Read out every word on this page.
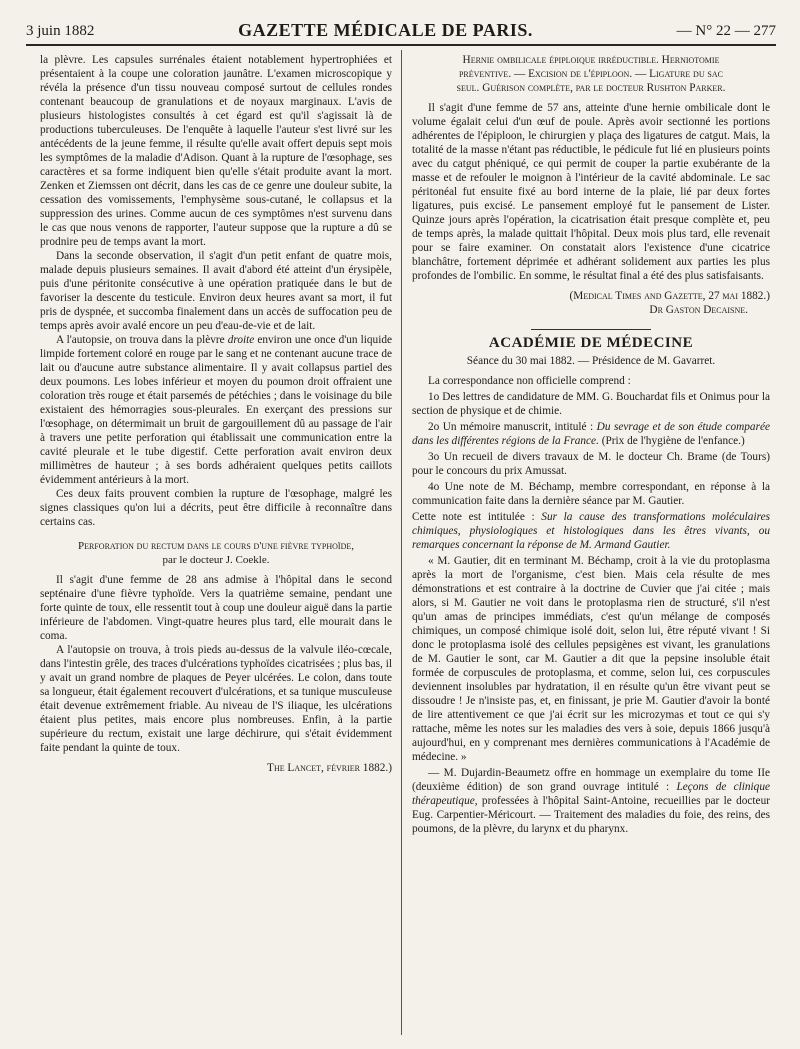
3 juin 1882	GAZETTE MÉDICALE DE PARIS.	— N° 22 — 277

la plèvre. Les capsules surrénales étaient notablement hypertrophiées et présentaient à la coupe une coloration jaunâtre. L'examen microscopique y révéla la présence d'un tissu nouveau composé surtout de cellules rondes contenant beaucoup de granulations et de noyaux marginaux. L'avis de plusieurs histologistes consultés à cet égard est qu'il s'agissait là de productions tuberculeuses. De l'enquête à laquelle l'auteur s'est livré sur les antécédents de la jeune femme, il résulte qu'elle avait offert depuis sept mois les symptômes de la maladie d'Adison. Quant à la rupture de l'œsophage, ses caractères et sa forme indiquent bien qu'elle s'était produite avant la mort. Zenken et Ziemssen ont décrit, dans les cas de ce genre une douleur subite, la cessation des vomissements, l'emphysème sous-cutané, le collapsus et la suppression des urines. Comme aucun de ces symptômes n'est survenu dans le cas que nous venons de rapporter, l'auteur suppose que la rupture a dû se prodnire peu de temps avant la mort.

Dans la seconde observation, il s'agit d'un petit enfant de quatre mois, malade depuis plusieurs semaines. Il avait d'abord été atteint d'un érysipèle, puis d'une péritonite consécutive à une opération pratiquée dans le but de favoriser la descente du testicule. Environ deux heures avant sa mort, il fut pris de dyspnée, et succomba finalement dans un accès de suffocation peu de temps après avoir avalé encore un peu d'eau-de-vie et de lait.

A l'autopsie, on trouva dans la plèvre droite environ une once d'un liquide limpide fortement coloré en rouge par le sang et ne contenant aucune trace de lait ou d'aucune autre substance alimentaire. Il y avait collapsus partiel des deux poumons. Les lobes inférieur et moyen du poumon droit offraient une coloration très rouge et était parsemés de pétéchies ; dans le voisinage du bile existaient des hémorragies sous-pleurales. En exerçant des pressions sur l'œsophage, on détermimait un bruit de gargouillement dû au passage de l'air à travers une petite perforation qui établissait une communication entre la cavité pleurale et le tube digestif. Cette perforation avait environ deux millimètres de hauteur ; à ses bords adhéraient quelques petits caillots évidemment antérieurs à la mort.

Ces deux faits prouvent combien la rupture de l'œsophage, malgré les signes classiques qu'on lui a décrits, peut être difficile à reconnaître dans certains cas.

Perforation du rectum dans le cours d'une fièvre typhoïde,

par le docteur J. Coekle.

Il s'agit d'une femme de 28 ans admise à l'hôpital dans le second septénaire d'une fièvre typhoïde. Vers la quatrième semaine, pendant une forte quinte de toux, elle ressentit tout à coup une douleur aiguë dans la partie inférieure de l'abdomen. Vingt-quatre heures plus tard, elle mourait dans le coma.

A l'autopsie on trouva, à trois pieds au-dessus de la valvule iléo-cœcale, dans l'intestin grêle, des traces d'ulcérations typhoïdes cicatrisées ; plus bas, il y avait un grand nombre de plaques de Peyer ulcérées. Le colon, dans toute sa longueur, était également recouvert d'ulcérations, et sa tunique muscuIeuse était devenue extrêmement friable. Au niveau de l'S iliaque, les ulcérations étaient plus petites, mais encore plus nombreuses. Enfin, à la partie supérieure du rectum, existait une large déchirure, qui s'était évidemment faite pendant la quinte de toux.

The Lancet, février 1882.)

Hernie ombilicale épiploique irréductible. Herniotomie

préventive. — Excision de l'épiploon. — Ligature du sac

seul. Guérison complète, par le docteur Rushton Parker.

Il s'agit d'une femme de 57 ans, atteinte d'une hernie ombilicale dont le volume égalait celui d'un œuf de poule. Après avoir sectionné les portions adhérentes de l'épiploon, le chirurgien y plaça des ligatures de catgut. Mais, la totalité de la masse n'étant pas réductible, le pédicule fut lié en plusieurs points avec du catgut phéniqué, ce qui permit de couper la partie exubérante de la masse et de refouler le moignon à l'intérieur de la cavité abdominale. Le sac péritonéal fut ensuite fixé au bord interne de la plaie, lié par deux fortes ligatures, puis excisé. Le pansement employé fut le pansement de Lister. Quinze jours après l'opération, la cicatrisation était presque complète et, peu de temps après, la malade quittait l'hôpital. Deux mois plus tard, elle revenait pour se faire examiner. On constatait alors l'existence d'une cicatrice blanchâtre, fortement déprimée et adhérant solidement aux parties les plus profondes de l'ombilic. En somme, le résultat final a été des plus satisfaisants.

(Medical Times and Gazette, 27 mai 1882.)

Dr Gaston Decaisne.

ACADÉMIE DE MÉDECINE

Séance du 30 mai 1882. — Présidence de M. Gavarret.

La correspondance non officielle comprend :

1o Des lettres de candidature de MM. G. Bouchardat fils et Onimus pour la section de physique et de chimie.

2o Un mémoire manuscrit, intitulé : Du sevrage et de son étude comparée dans les différentes régions de la France. (Prix de l'hygiène de l'enfance.)

3o Un recueil de divers travaux de M. le docteur Ch. Brame (de Tours) pour le concours du prix Amussat.

4o Une note de M. Béchamp, membre correspondant, en réponse à la communication faite dans la dernière séance par M. Gautier.

Cette note est intitulée : Sur la cause des transformations moléculaires chimiques, physiologiques et histologiques dans les êtres vivants, ou remarques concernant la réponse de M. Armand Gautier.

« M. Gautier, dit en terminant M. Béchamp, croit à la vie du protoplasma après la mort de l'organisme, c'est bien. Mais cela résulte de mes démonstrations et est contraire à la doctrine de Cuvier que j'ai citée ; mais alors, si M. Gautier ne voit dans le protoplasma rien de structuré, s'il n'est qu'un amas de principes immédiats, c'est qu'un mélange de composés chimiques, un composé chimique isolé doit, selon lui, être réputé vivant ! Si donc le protoplasma isolé des cellules pepsigènes est vivant, les granulations de M. Gautier le sont, car M. Gautier a dit que la pepsine insoluble était formée de corpuscules de protoplasma, et comme, selon lui, ces corpuscules deviennent insolubles par hydratation, il en résulte qu'un être vivant peut se dissoudre ! Je n'insiste pas, et, en finissant, je prie M. Gautier d'avoir la bonté de lire attentivement ce que j'ai écrit sur les microzymas et tout ce qui s'y rattache, même les notes sur les maladies des vers à soie, depuis 1866 jusqu'à aujourd'hui, en y comprenant mes dernières communications à l'Académie de médecine. »

— M. Dujardin-Beaumetz offre en hommage un exemplaire du tome IIe (deuxième édition) de son grand ouvrage intitulé : Leçons de clinique thérapeutique, professées à l'hôpital Saint-Antoine, recueillies par le docteur Eug. Carpentier-Méricourt. — Traitement des maladies du foie, des reins, des poumons, de la plèvre, du larynx et du pharynx.
